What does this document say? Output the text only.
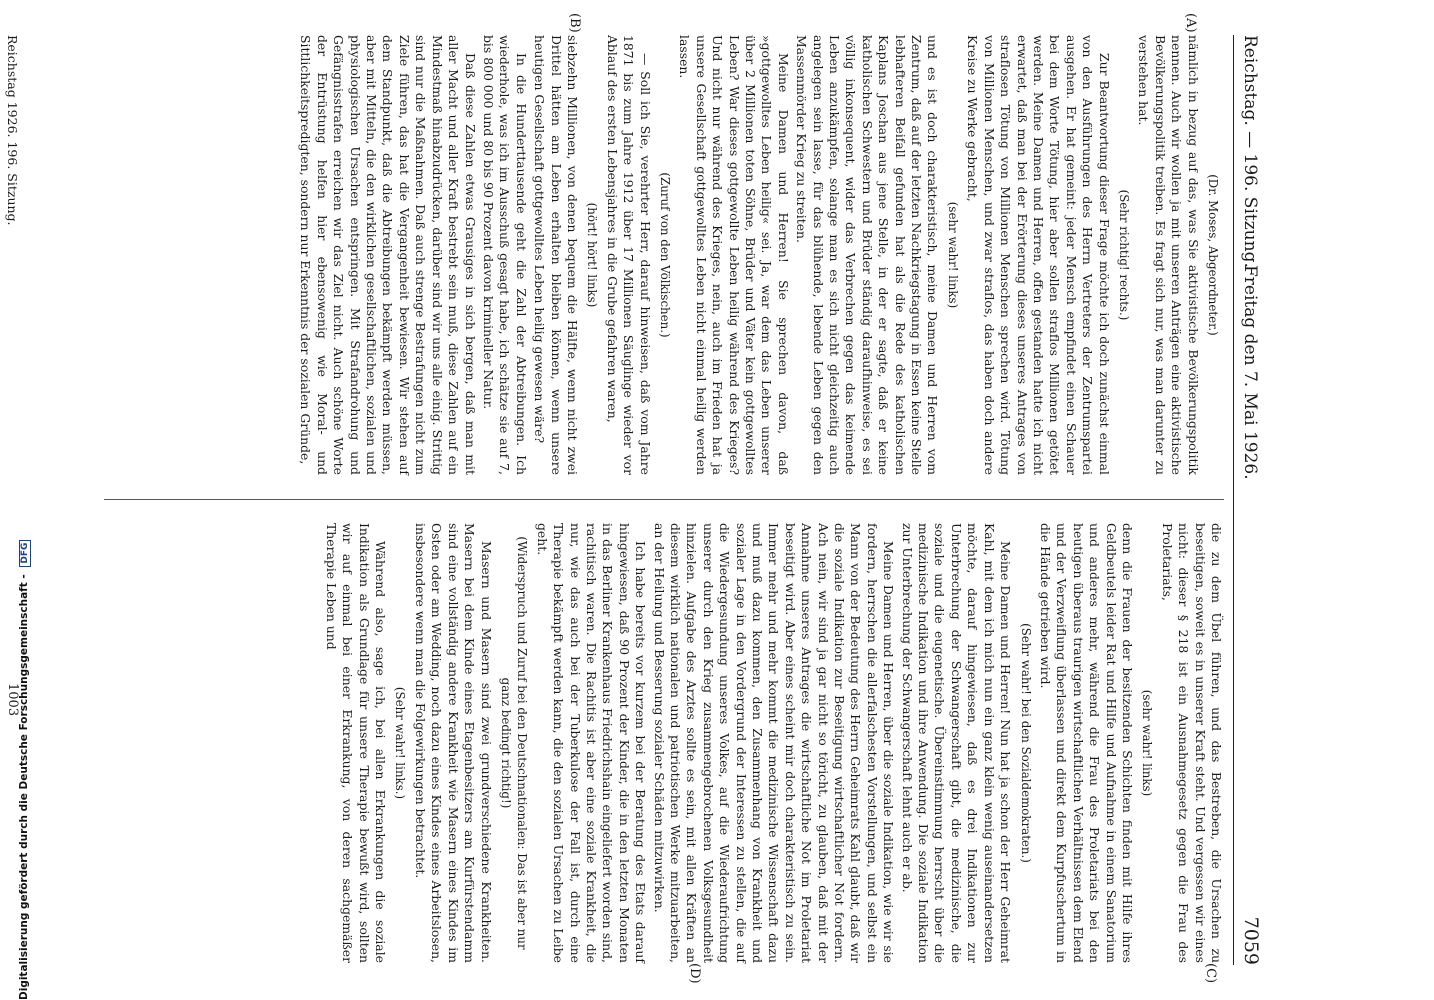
Reichstag. — 196. Sitzung.
Freitag den 7. Mai 1926.
7059
(A)
(B)
(C)
(D)

(Dr. Moses, Abgeordneter.)

nämlich in bezug auf das, was Sie aktivistische Bevölkerungspolitik nennen. Auch wir wollen ja mit unseren Anträgen eine aktivistische Bevölkerungspolitik treiben. Es fragt sich nur, was man darunter zu verstehen hat.

(Sehr richtig! rechts.)

Zur Beantwortung dieser Frage möchte ich doch zunächst einmal von den Ausführungen des Herrn Vertreters der Zentrumspartei ausgehen. Er hat gemeint: jeder Mensch empfindet einen Schauer bei dem Worte Tötung, hier aber sollen straflos Millionen getötet werden. Meine Damen und Herren, offen gestanden hatte ich nicht erwartet, daß man bei der Erörterung dieses unseres Antrages von straflosen Tötung von Millionen Menschen sprechen wird. Tötung von Millionen Menschen, und zwar straflos, das haben doch andere Kreise zu Werke gebracht,

(sehr wahr! links)

und es ist doch charakteristisch, meine Damen und Herren vom Zentrum, daß auf der letzten Nachkriegstagung in Essen keine Stelle lebhafteren Beifall gefunden hat als die Rede des katholischen Kaplans Joschan aus jene Stelle, in der er sagte, daß er keine katholischen Schwestern und Brüder ständig daraufhinweise, es sei völlig inkonsequent, wider das Verbrechen gegen das keimende Leben anzukämpfen, solange man es sich nicht gleichzeitig auch angelegen sein lasse, für das blühende, lebende Leben gegen den Massenmörder Krieg zu streiten.

Meine Damen und Herren! Sie sprechen davon, daß »gottgewolltes Leben heilig« sei. Ja, war dem das Leben unserer über 2 Millionen toten Söhne, Brüder und Väter kein gottgewolltes Leben? War dieses gottgewollte Leben heilig während des Krieges? Und nicht nur während des Krieges, nein, auch im Frieden hat ja unsere Gesellschaft gottgewolltes Leben nicht einmal heilig werden lassen.

(Zuruf von den Völkischen.)

— Soll ich Sie, verehrter Herr, darauf hinweisen, daß vom Jahre 1871 bis zum Jahre 1912 über 17 Millionen Säuglinge wieder vor Ablauf des ersten Lebensjahres in die Grube gefahren waren,

(hört! hört! links)

siebzehn Millionen, von denen bequem die Hälfte, wenn nicht zwei Drittel hätten am Leben erhalten bleiben können, wenn unsere heutigen Gesellschaft gottgewolltes Leben heilig gewesen wäre?

In die Hunderttausende geht die Zahl der Abtreibungen. Ich wiederhole, was ich im Ausschuß gesagt habe, ich schätze sie auf 7, bis 800 000 und 80 bis 90 Prozent davon krimineller Natur.

Daß diese Zahlen etwas Grausiges in sich bergen, daß man mit aller Macht und aller Kraft bestrebt sein muß, diese Zahlen auf ein Mindestmaß hinabzudrücken, darüber sind wir uns alle einig. Strittig sind nur die Maßnahmen. Daß auch strenge Bestrafungen nicht zum Ziele führen, das hat die Vergangenheit bewiesen. Wir stehen auf dem Standpunkt, daß die Abtreibungen bekämpft werden müssen, aber mit Mitteln, die den wirklichen gesellschaftlichen, sozialen und physiologischen Ursachen entspringen. Mit Strafandrohung und Gefängnisstrafen erreichen wir das Ziel nicht. Auch schöne Worte der Entrüstung helfen hier ebensowenig wie Moral- und Sittlichkeitspredigten, sondern nur Erkenntnis der sozialen Gründe,

die zu dem Übel führen, und das Bestreben, die Ursachen zu beseitigen, soweit es in unserer Kraft steht. Und vergessen wir eines nicht: dieser § 218 ist ein Ausnahmegesetz gegen die Frau des Proletariats,

(sehr wahr! links)

denn die Frauen der besitzenden Schichten finden mit Hilfe ihres Geldbeutels leider Rat und Hilfe und Aufnahme in einem Sanatorium und anderes mehr, während die Frau des Proletariats bei den heutigen überaus traurigen wirtschaftlichen Verhältnissen dem Elend und der Verzweiflung überlassen und direkt dem Kurpfuschertum in die Hände getrieben wird.

(Sehr wahr! bei den Sozialdemokraten.)

Meine Damen und Herren! Nun hat ja schon der Herr Geheimrat Kahl, mit dem ich mich nun ein ganz klein wenig auseinandersetzen möchte, darauf hingewiesen, daß es drei Indikationen zur Unterbrechung der Schwangerschaft gibt, die medizinische, die soziale und die eugenetische. Übereinstimmung herrscht über die medizinische Indikation und ihre Anwendung. Die soziale Indikation zur Unterbrechung der Schwangerschaft lehnt auch er ab.

Meine Damen und Herren, über die soziale Indikation, wie wir sie fordern, herrschen die allerfalschesten Vorstellungen, und selbst ein Mann von der Bedeutung des Herrn Geheimrats Kahl glaubt, daß wir die soziale Indikation zur Beseitigung wirtschaftlicher Not fordern. Ach nein, wir sind ja gar nicht so töricht, zu glauben, daß mit der Annahme unseres Antrages die wirtschaftliche Not im Proletariat beseitigt wird. Aber eines scheint mir doch charakteristisch zu sein. Immer mehr und mehr kommt die medizinische Wissenschaft dazu und muß dazu kommen, den Zusammenhang von Krankheit und sozialer Lage in den Vordergrund der Interessen zu stellen, die auf die Wiedergesundung unseres Volkes, auf die Wiederaufrichtung unserer durch den Krieg zusammengebrochenen Volksgesundheit hinzielen. Aufgabe des Arztes sollte es sein, mit allen Kräften an diesem wirklich nationalen und patriotischen Werke mitzuarbeiten, an der Heilung und Besserung sozialer Schäden mitzuwirken.

Ich habe bereits vor kurzem bei der Beratung des Etats darauf hingewiesen, daß 90 Prozent der Kinder, die in den letzten Monaten in das Berliner Krankenhaus Friedrichshain eingeliefert worden sind, rachitisch waren. Die Rachitis ist aber eine soziale Krankheit, die nur, wie das auch bei der Tuberkulose der Fall ist, durch eine Therapie bekämpft werden kann, die den sozialen Ursachen zu Leibe geht.

(Widerspruch und Zuruf bei den Deutschnationalen: Das ist aber nur ganz bedingt richtig!)

Masern und Masern sind zwei grundverschiedene Krankheiten. Masern bei dem Kinde eines Etagenbesitzers am Kurfürstendamm sind eine vollständig andere Krankheit wie Masern eines Kindes im Osten oder am Wedding, noch dazu eines Kindes eines Arbeitslosen, insbesondere wenn man die Folgewirkungen betrachtet.

(Sehr wahr! links.)

Während also, sage ich, bei allen Erkrankungen die soziale Indikation als Grundlage für unsere Therapie bewußt wird, sollten wir auf einmal bei einer Erkrankung, von deren sachgemäßer Therapie Leben und

Reichstag 1926. 196. Sitzung.
1003
Digitalisierung gefördert durch die Deutsche Forschungsgemeinschaft - DFG
